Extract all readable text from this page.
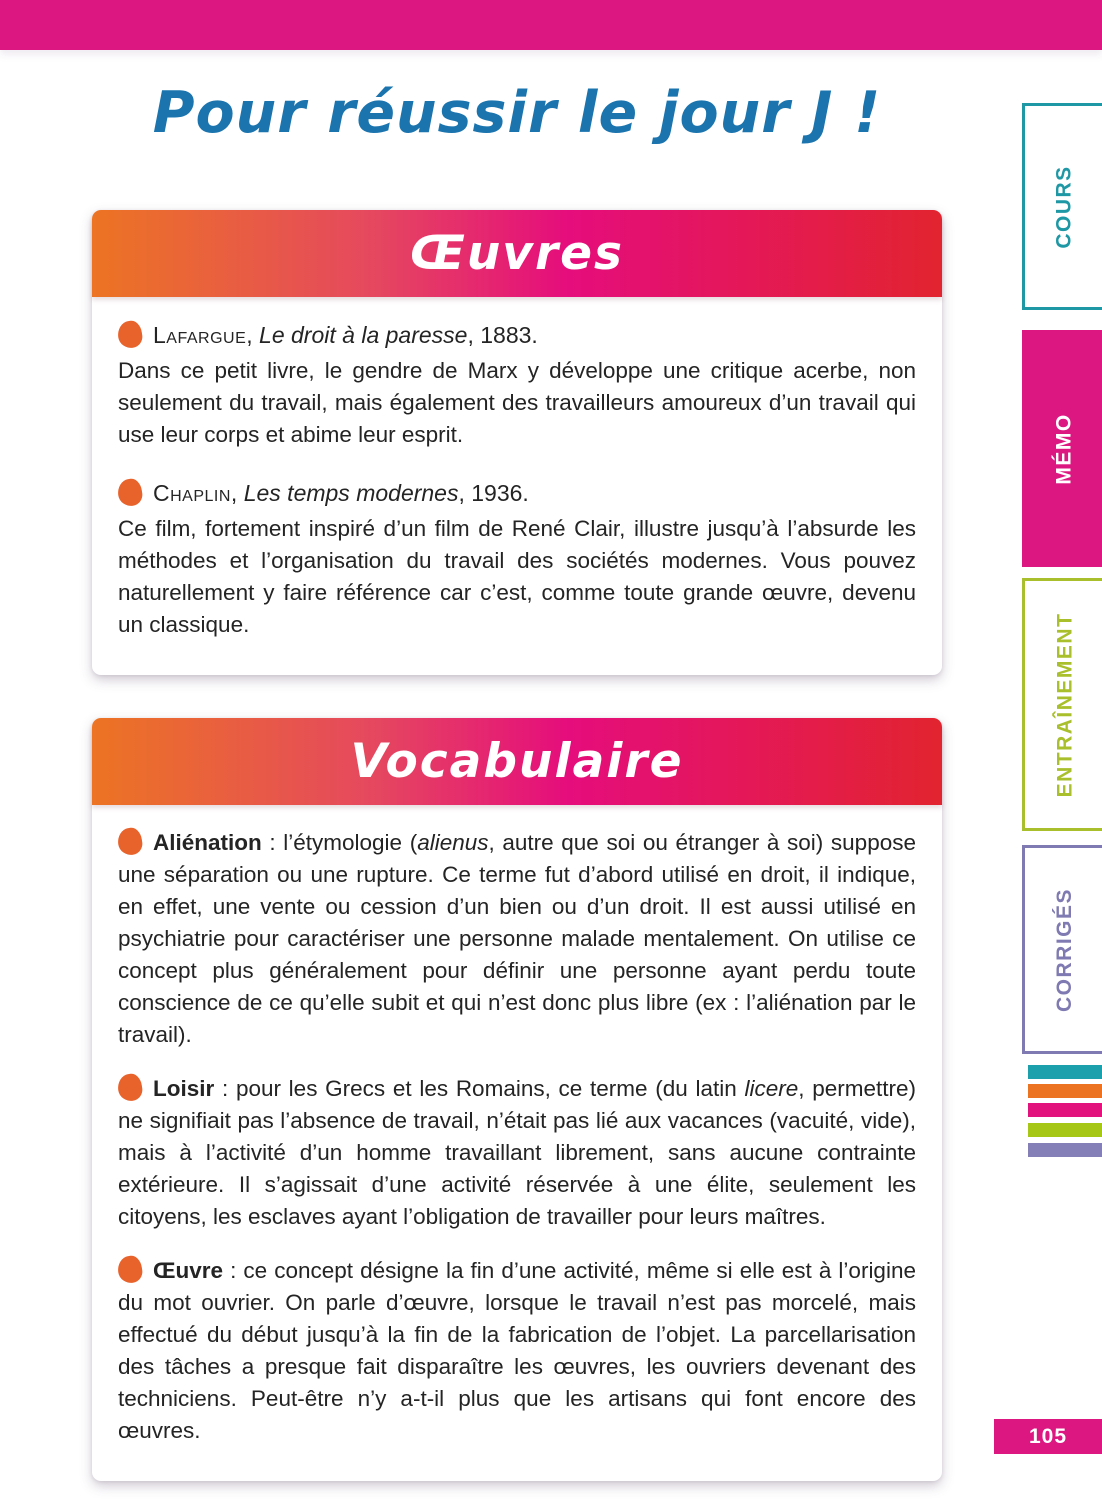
Pour réussir le jour J !
Œuvres

Lafargue, Le droit à la paresse, 1883.

Dans ce petit livre, le gendre de Marx y développe une critique acerbe, non seulement du travail, mais également des travailleurs amoureux d’un travail qui use leur corps et abime leur esprit.

Chaplin, Les temps modernes, 1936.

Ce film, fortement inspiré d’un film de René Clair, illustre jusqu’à l’absurde les méthodes et l’organisation du travail des sociétés modernes. Vous pouvez naturellement y faire référence car c’est, comme toute grande œuvre, devenu un classique.

Vocabulaire

Aliénation : l’étymologie (alienus, autre que soi ou étranger à soi) suppose une séparation ou une rupture. Ce terme fut d’abord utilisé en droit, il indique, en effet, une vente ou cession d’un bien ou d’un droit. Il est aussi utilisé en psychiatrie pour caractériser une personne malade mentalement. On utilise ce concept plus généralement pour définir une personne ayant perdu toute conscience de ce qu’elle subit et qui n’est donc plus libre (ex : l’aliénation par le travail).

Loisir : pour les Grecs et les Romains, ce terme (du latin licere, permettre) ne signifiait pas l’absence de travail, n’était pas lié aux vacances (vacuité, vide), mais à l’activité d’un homme travaillant librement, sans aucune contrainte extérieure. Il s’agissait d’une activité réservée à une élite, seulement les citoyens, les esclaves ayant l’obligation de travailler pour leurs maîtres.

Œuvre : ce concept désigne la fin d’une activité, même si elle est à l’origine du mot ouvrier. On parle d’œuvre, lorsque le travail n’est pas morcelé, mais effectué du début jusqu’à la fin de la fabrication de l’objet. La parcellarisation des tâches a presque fait disparaître les œuvres, les ouvriers devenant des techniciens. Peut-être n’y a-t-il plus que les artisans qui font encore des œuvres.

COURS
MÉMO
ENTRAÎNEMENT
CORRIGÉS
105
